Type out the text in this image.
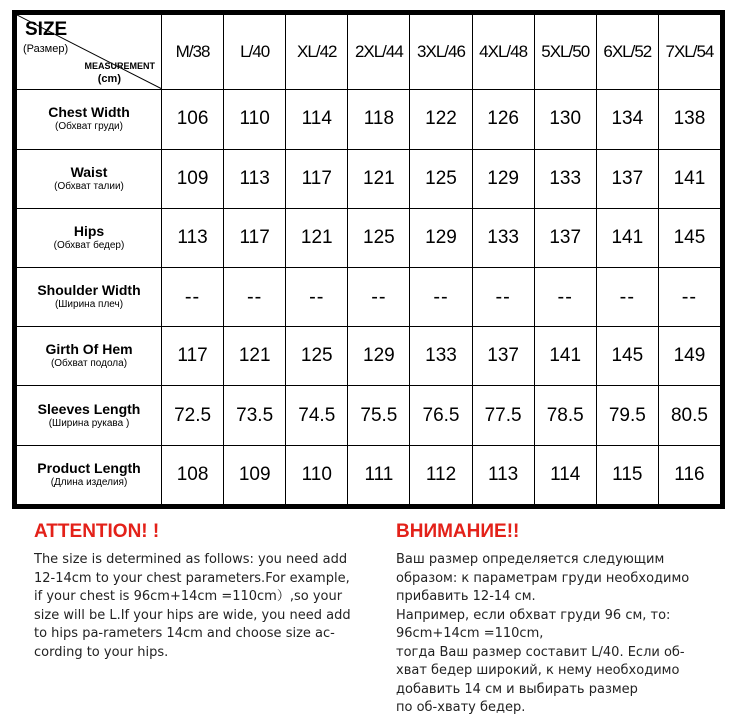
SIZE
(Размер)
MEASUREMENT
(cm)	M/38	L/40	XL/42	2XL/44	3XL/46	4XL/48	5XL/50	6XL/52	7XL/54

Chest Width
(Обхват груди)	106	110	114	118	122	126	130	134	138

Waist
(Обхват талии)	109	113	117	121	125	129	133	137	141

Hips
(Обхват бедер)	113	117	121	125	129	133	137	141	145

Shoulder Width
(Ширина плеч)	--	--	--	--	--	--	--	--	--

Girth Of Hem
(Обхват подола)	117	121	125	129	133	137	141	145	149

Sleeves Length
(Ширина рукава )	72.5	73.5	74.5	75.5	76.5	77.5	78.5	79.5	80.5

Product Length
(Длина изделия)	108	109	110	111	112	113	114	115	116
ATTENTION! !

The size is determined as follows: you need add

12-14cm to your chest parameters.For example,

if your chest is 96cm+14cm =110cm）,so your

size will be L.If your hips are wide, you need add

to hips pa-rameters 14cm and choose size ac-

cording to your hips.

ВНИМАНИЕ!!

Ваш размер определяется следующим

образом: к параметрам груди необходимо

прибавить 12-14 см.

Например, если обхват груди 96 см, то:

96cm+14cm =110cm,

тогда Ваш размер составит L/40. Если об-

хват бедер широкий, к нему необходимо

добавить 14 см и выбирать размер

по об-хвату бедер.
